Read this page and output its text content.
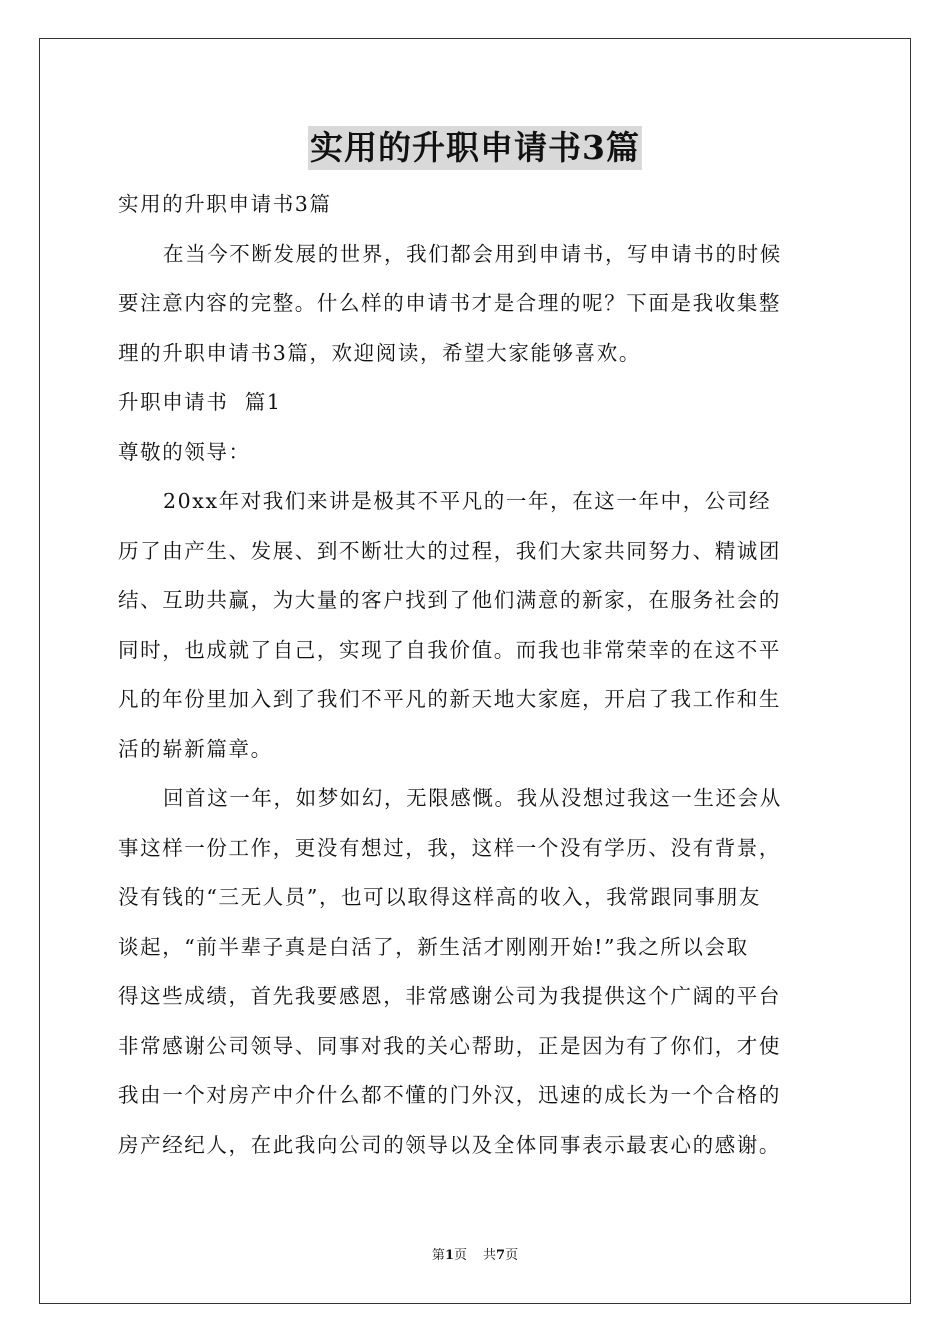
实用的升职申请书3篇

实用的升职申请书3篇

在当今不断发展的世界，我们都会用到申请书，写申请书的时候

要注意内容的完整。什么样的申请书才是合理的呢？下面是我收集整

理的升职申请书3篇，欢迎阅读，希望大家能够喜欢。

升职申请书  篇1

尊敬的领导：

20xx年对我们来讲是极其不平凡的一年，在这一年中，公司经

历了由产生、发展、到不断壮大的过程，我们大家共同努力、精诚团

结、互助共赢，为大量的客户找到了他们满意的新家，在服务社会的

同时，也成就了自己，实现了自我价值。而我也非常荣幸的在这不平

凡的年份里加入到了我们不平凡的新天地大家庭，开启了我工作和生

活的崭新篇章。

回首这一年，如梦如幻，无限感慨。我从没想过我这一生还会从

事这样一份工作，更没有想过，我，这样一个没有学历、没有背景，

没有钱的“三无人员”，也可以取得这样高的收入，我常跟同事朋友

谈起，“前半辈子真是白活了，新生活才刚刚开始!”我之所以会取

得这些成绩，首先我要感恩，非常感谢公司为我提供这个广阔的平台

非常感谢公司领导、同事对我的关心帮助，正是因为有了你们，才使

我由一个对房产中介什么都不懂的门外汉，迅速的成长为一个合格的

房产经纪人，在此我向公司的领导以及全体同事表示最衷心的感谢。

第1页 共7页
